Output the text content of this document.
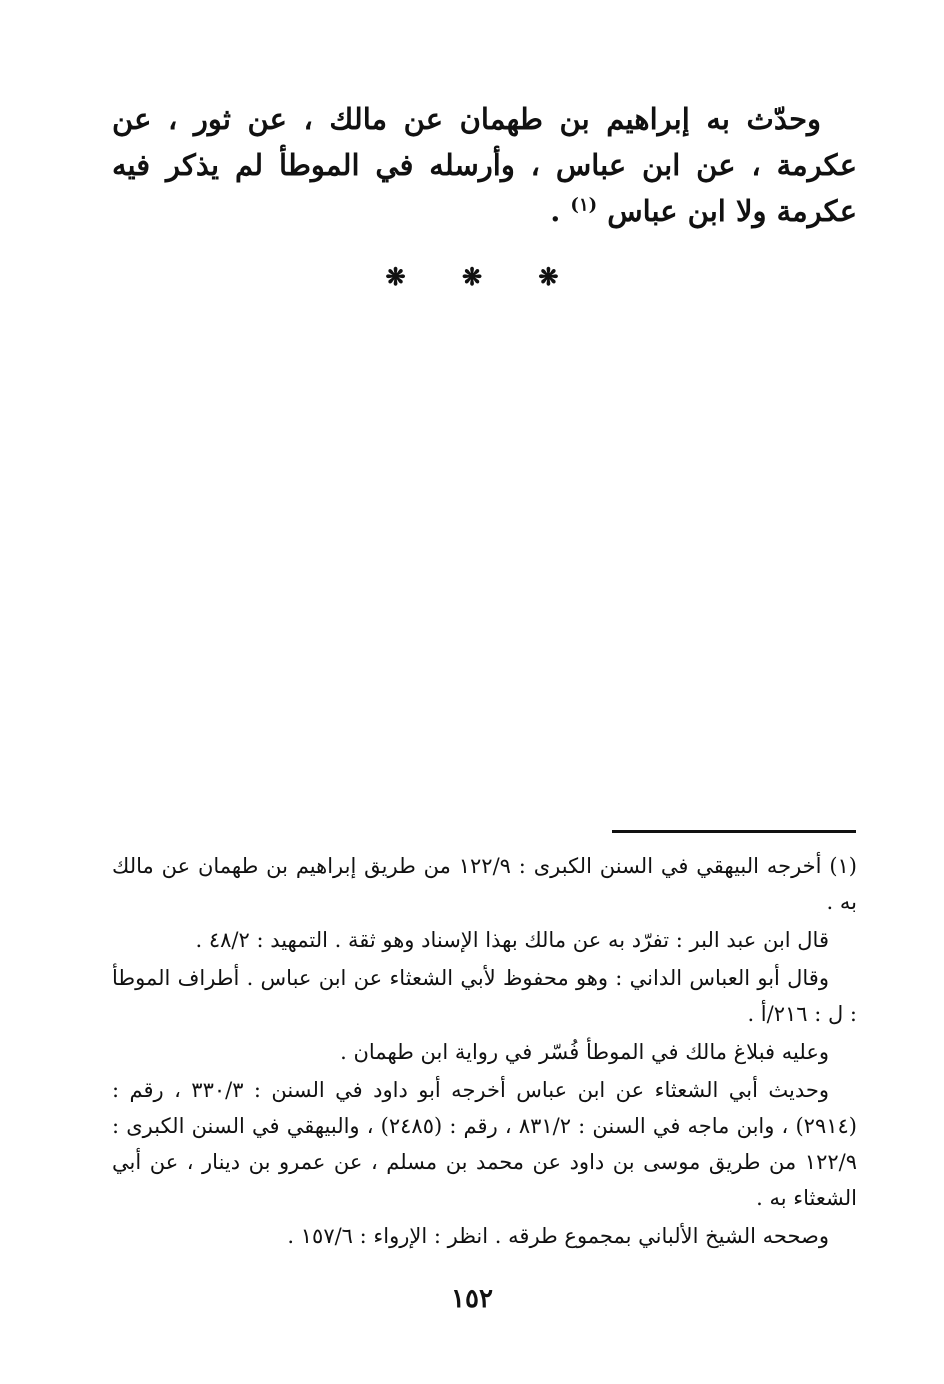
وحدّث به إبراهيم بن طهمان عن مالك ، عن ثور ، عن عكرمة ، عن ابن عباس ، وأرسله في الموطأ لم يذكر فيه عكرمة ولا ابن عباس $^{(١)}$ .

❋ ❋ ❋

(١) أخرجه البيهقي في السنن الكبرى : ١٢٢/٩ من طريق إبراهيم بن طهمان عن مالك به .

قال ابن عبد البر : تفرّد به عن مالك بهذا الإسناد وهو ثقة . التمهيد : ٤٨/٢ .

وقال أبو العباس الداني : وهو محفوظ لأبي الشعثاء عن ابن عباس . أطراف الموطأ : ل : ٢١٦/أ .

وعليه فبلاغ مالك في الموطأ فُسّر في رواية ابن طهمان .

وحديث أبي الشعثاء عن ابن عباس أخرجه أبو داود في السنن : ٣٣٠/٣ ، رقم : (٢٩١٤) ، وابن ماجه في السنن : ٨٣١/٢ ، رقم : (٢٤٨٥) ، والبيهقي في السنن الكبرى : ١٢٢/٩ من طريق موسى بن داود عن محمد بن مسلم ، عن عمرو بن دينار ، عن أبي الشعثاء به .

وصححه الشيخ الألباني بمجموع طرقه . انظر : الإرواء : ١٥٧/٦ .

١٥٢
